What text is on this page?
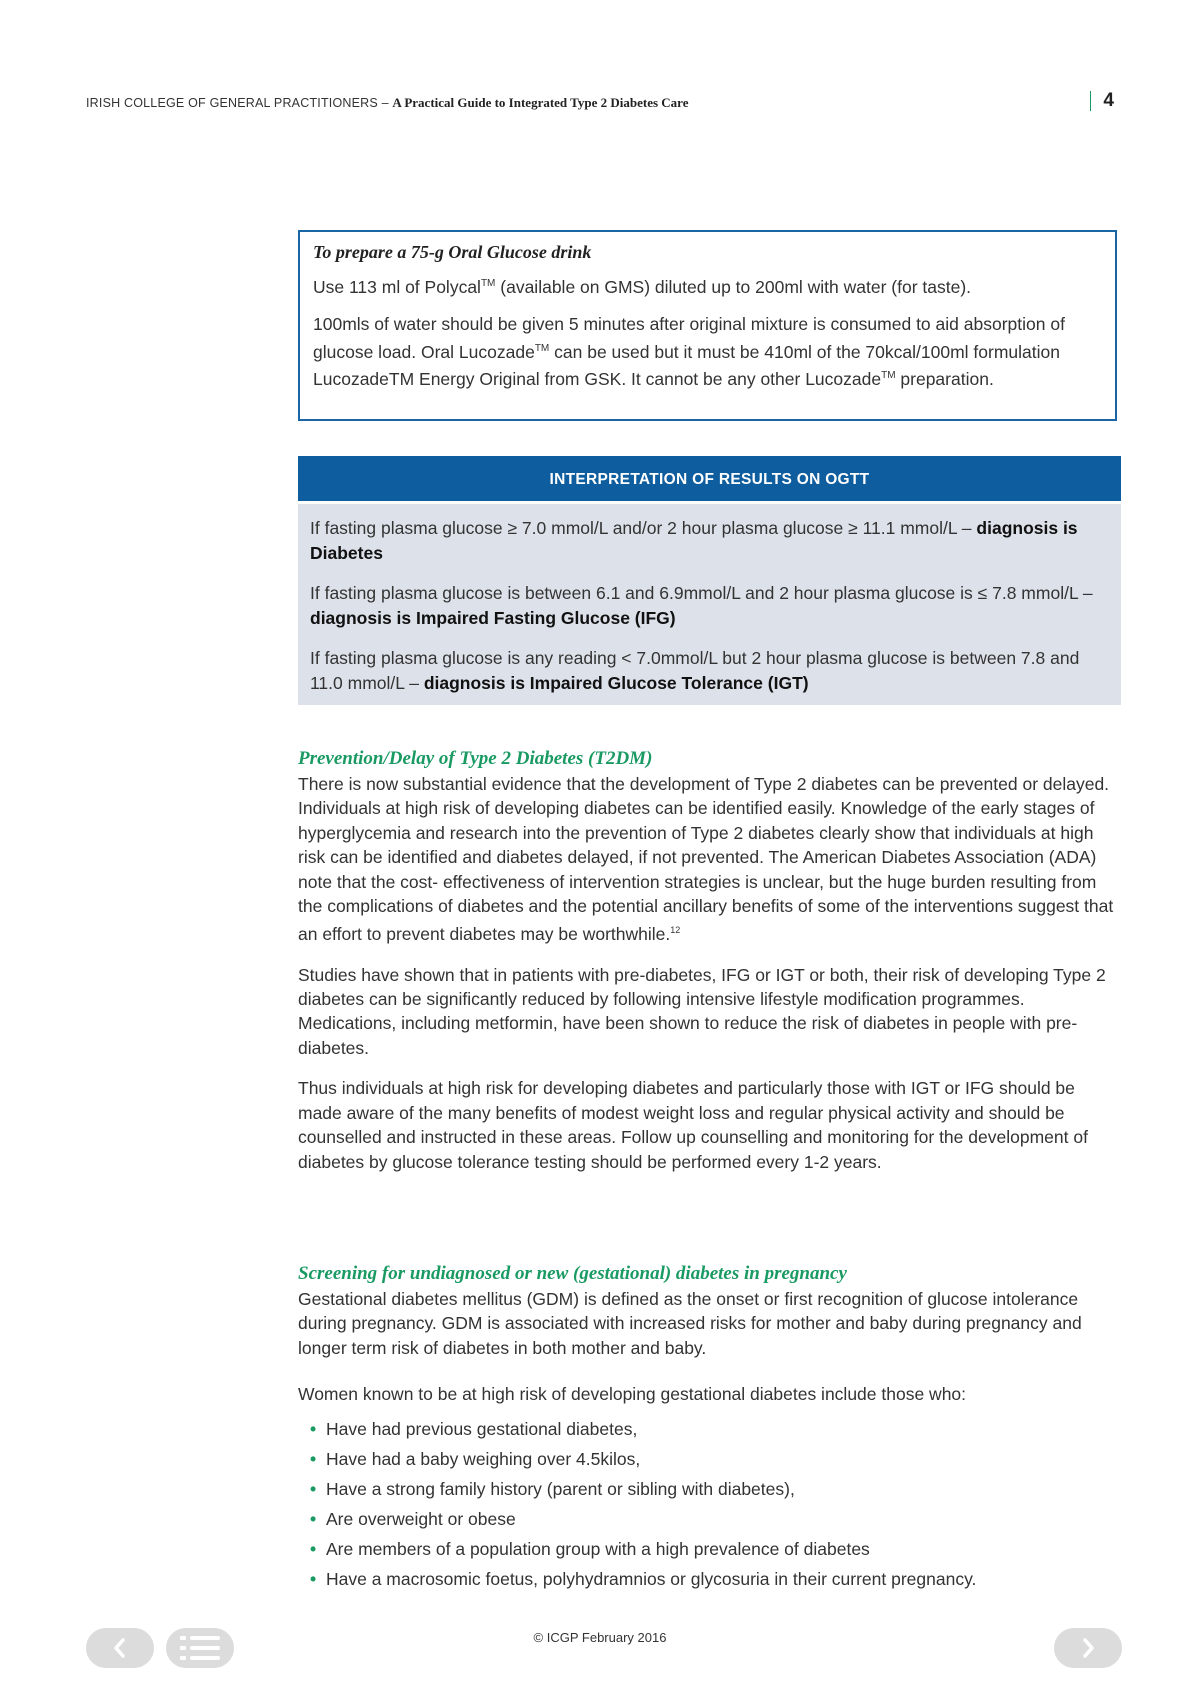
IRISH COLLEGE OF GENERAL PRACTITIONERS – A Practical Guide to Integrated Type 2 Diabetes Care	4
To prepare a 75-g Oral Glucose drink

Use 113 ml of Polycal™ (available on GMS) diluted up to 200ml with water (for taste).

100mls of water should be given 5 minutes after original mixture is consumed to aid absorption of glucose load. Oral Lucozade™ can be used but it must be 410ml of the 70kcal/100ml formulation LucozadeTM Energy Original from GSK. It cannot be any other Lucozade™ preparation.

INTERPRETATION OF RESULTS ON OGTT

If fasting plasma glucose ≥ 7.0 mmol/L and/or 2 hour plasma glucose ≥ 11.1 mmol/L – diagnosis is Diabetes

If fasting plasma glucose is between 6.1 and 6.9mmol/L and 2 hour plasma glucose is ≤ 7.8 mmol/L – diagnosis is Impaired Fasting Glucose (IFG)

If fasting plasma glucose is any reading < 7.0mmol/L but 2 hour plasma glucose is between 7.8 and 11.0 mmol/L – diagnosis is Impaired Glucose Tolerance (IGT)

Prevention/Delay of Type 2 Diabetes (T2DM)

There is now substantial evidence that the development of Type 2 diabetes can be prevented or delayed. Individuals at high risk of developing diabetes can be identified easily. Knowledge of the early stages of hyperglycemia and research into the prevention of Type 2 diabetes clearly show that individuals at high risk can be identified and diabetes delayed, if not prevented. The American Diabetes Association (ADA) note that the cost- effectiveness of intervention strategies is unclear, but the huge burden resulting from the complications of diabetes and the potential ancillary benefits of some of the interventions suggest that an effort to prevent diabetes may be worthwhile.$^{12}$

Studies have shown that in patients with pre-diabetes, IFG or IGT or both, their risk of developing Type 2 diabetes can be significantly reduced by following intensive lifestyle modification programmes. Medications, including metformin, have been shown to reduce the risk of diabetes in people with pre-diabetes.

Thus individuals at high risk for developing diabetes and particularly those with IGT or IFG should be made aware of the many benefits of modest weight loss and regular physical activity and should be counselled and instructed in these areas. Follow up counselling and monitoring for the development of diabetes by glucose tolerance testing should be performed every 1-2 years.

Screening for undiagnosed or new (gestational) diabetes in pregnancy

Gestational diabetes mellitus (GDM) is defined as the onset or first recognition of glucose intolerance during pregnancy. GDM is associated with increased risks for mother and baby during pregnancy and longer term risk of diabetes in both mother and baby.

Women known to be at high risk of developing gestational diabetes include those who:

• Have had previous gestational diabetes,
• Have had a baby weighing over 4.5kilos,
• Have a strong family history (parent or sibling with diabetes),
• Are overweight or obese
• Are members of a population group with a high prevalence of diabetes
• Have a macrosomic foetus, polyhydramnios or glycosuria in their current pregnancy.
© ICGP February 2016
